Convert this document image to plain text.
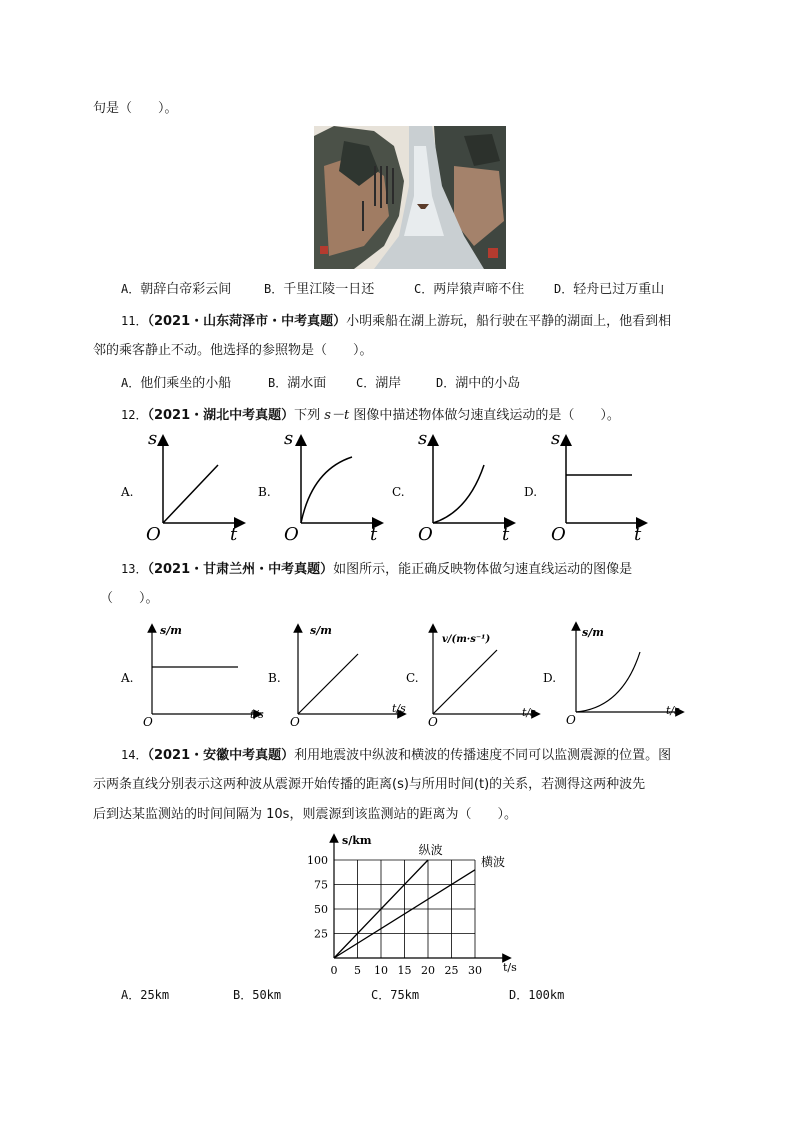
句是（　　）。
A．朝辞白帝彩云间	B．千里江陵一日还	C．两岸猿声啼不住 D．轻舟已过万重山
11．（2021・山东菏泽市・中考真题）小明乘船在湖上游玩，船行驶在平静的湖面上，他看到相
邻的乘客静止不动。他选择的参照物是（　　）。
A．他们乘坐的小船	B．湖水面 C．湖岸	D．湖中的小岛
12．（2021・湖北中考真题）下列 s－t 图像中描述物体做匀速直线运动的是（　　）。
A.
s
t
O
B.
s
t
O
C.
s
t
O
D.
s
t
O
13．（2021・甘肃兰州・中考真题）如图所示，能正确反映物体做匀速直线运动的图像是
（　　）。
A.
s/m
t/s
O
B.
s/m
t/s
O
C.
v/(m·s⁻¹)
t/s
O
D.
s/m
t/s
O
14．（2021・安徽中考真题）利用地震波中纵波和横波的传播速度不同可以监测震源的位置。图
示两条直线分别表示这两种波从震源开始传播的距离(s)与所用时间(t)的关系，若测得这两种波先
后到达某监测站的时间间隔为 10s，则震源到该监测站的距离为（　　）。
0 5 10 15 20 25 30
25
50
75
100
s/km
t/s
纵波
横波
A．25km	B．50km	C．75km	D．100km
